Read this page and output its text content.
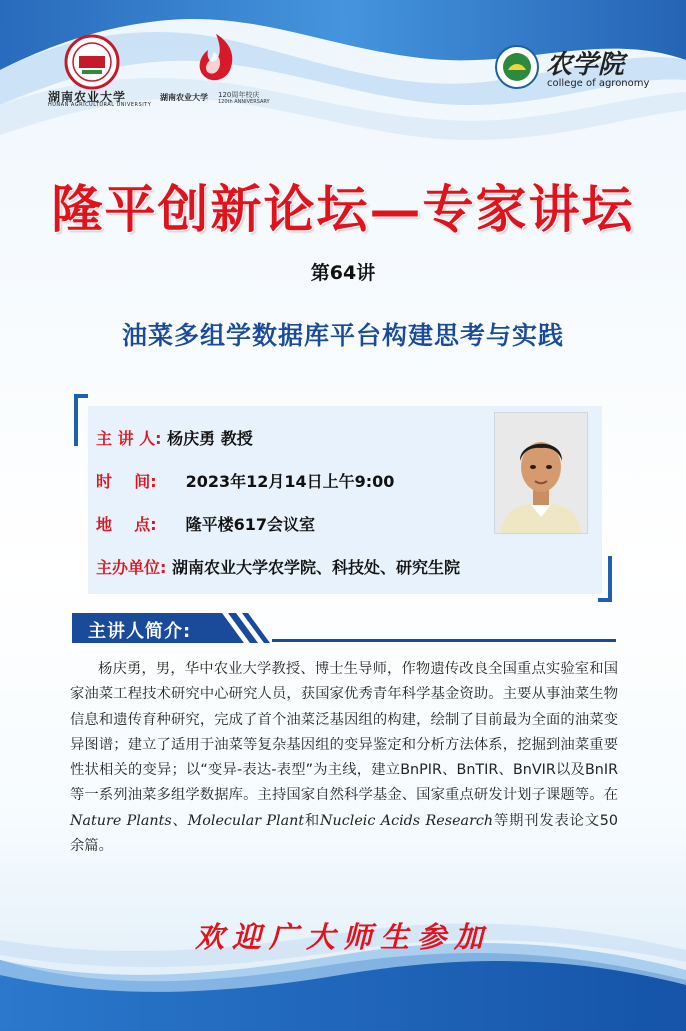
湖南农业大学
HUNAN AGRICULTURAL UNIVERSITY
湖南农业大学 120周年校庆
120th ANNIVERSARY
农学院
college of agronomy
隆平创新论坛—专家讲坛
第64讲
油菜多组学数据库平台构建思考与实践
主 讲 人: 杨庆勇 教授
时    间: 2023年12月14日上午9:00
地    点: 隆平楼617会议室
主办单位: 湖南农业大学农学院、科技处、研究生院
主讲人简介:
杨庆勇，男，华中农业大学教授、博士生导师，作物遗传改良全国重点实验室和国家油菜工程技术研究中心研究人员，获国家优秀青年科学基金资助。主要从事油菜生物信息和遗传育种研究，完成了首个油菜泛基因组的构建，绘制了目前最为全面的油菜变异图谱；建立了适用于油菜等复杂基因组的变异鉴定和分析方法体系，挖掘到油菜重要性状相关的变异；以“变异-表达-表型”为主线，建立BnPIR、BnTIR、BnVIR以及BnIR等一系列油菜多组学数据库。主持国家自然科学基金、国家重点研发计划子课题等。在Nature Plants、Molecular Plant和Nucleic Acids Research等期刊发表论文50余篇。
欢迎广大师生参加
